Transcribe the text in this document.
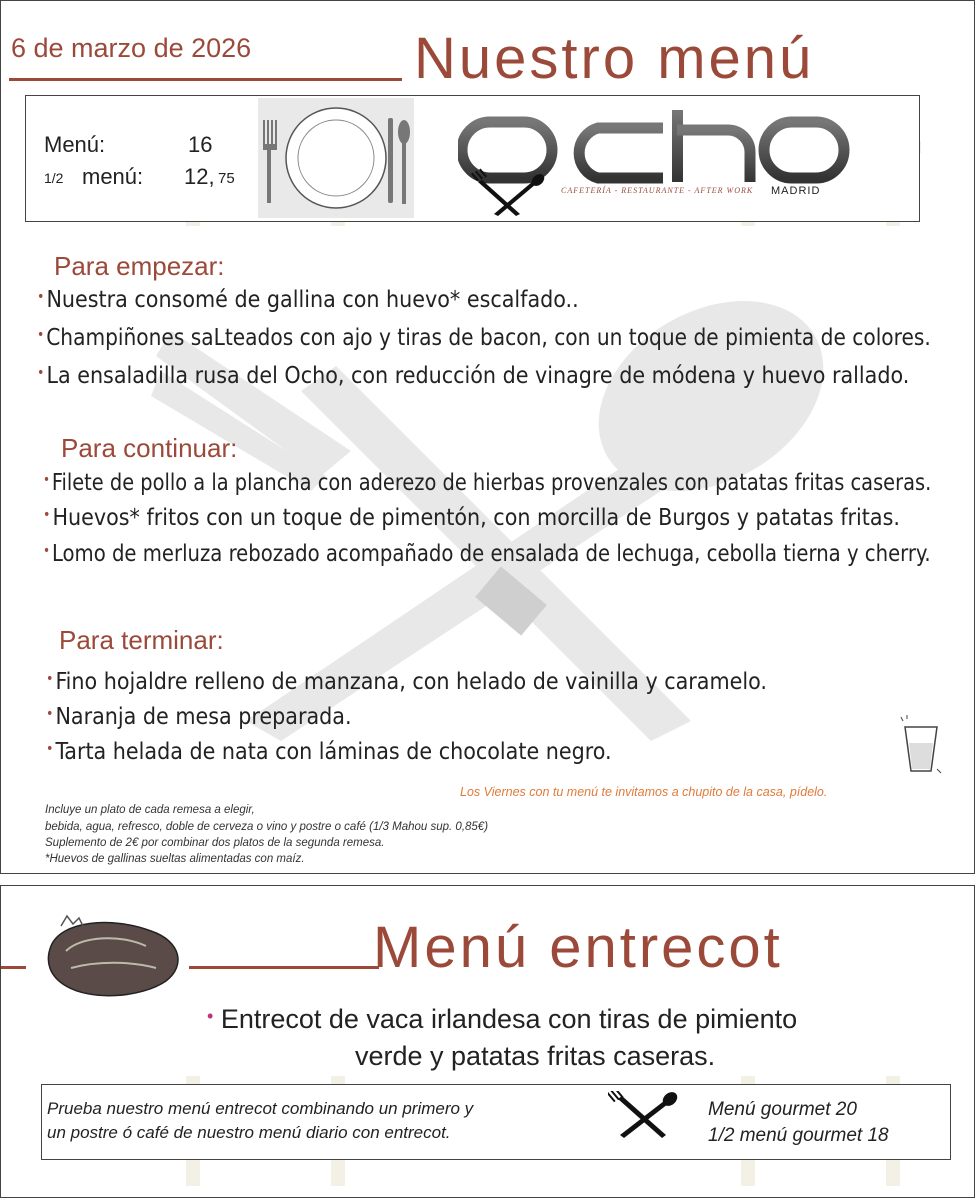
6 de marzo de 2026	Nuestro menú
Menú:	16
1/2 menú: 12, 75
CAFETERÍA - RESTAURANTE - AFTER WORK MADRID
Para empezar:
•Nuestra consomé de gallina con huevo* escalfado..
•Champiñones saLteados con ajo y tiras de bacon, con un toque de pimienta de colores.
•La ensaladilla rusa del Ocho, con reducción de vinagre de módena y huevo rallado.
Para continuar:
•Filete de pollo a la plancha con aderezo de hierbas provenzales con patatas fritas caseras.
•Huevos* fritos con un toque de pimentón, con morcilla de Burgos y patatas fritas.
•Lomo de merluza rebozado acompañado de ensalada de lechuga, cebolla tierna y cherry.
Para terminar:
•Fino hojaldre relleno de manzana, con helado de vainilla y caramelo.
•Naranja de mesa preparada.
•Tarta helada de nata con láminas de chocolate negro.
Los Viernes con tu menú te invitamos a chupito de la casa, pídelo.
Incluye un plato de cada remesa a elegir,
bebida, agua, refresco, doble de cerveza o vino y postre o café (1/3 Mahou sup. 0,85€)
Suplemento de 2€ por combinar dos platos de la segunda remesa.
*Huevos de gallinas sueltas alimentadas con maíz.
Menú entrecot
• Entrecot de vaca irlandesa con tiras de pimiento
verde y patatas fritas caseras.
Prueba nuestro menú entrecot combinando un primero y
un postre ó café de nuestro menú diario con entrecot.
Menú gourmet 20
1/2 menú gourmet 18
